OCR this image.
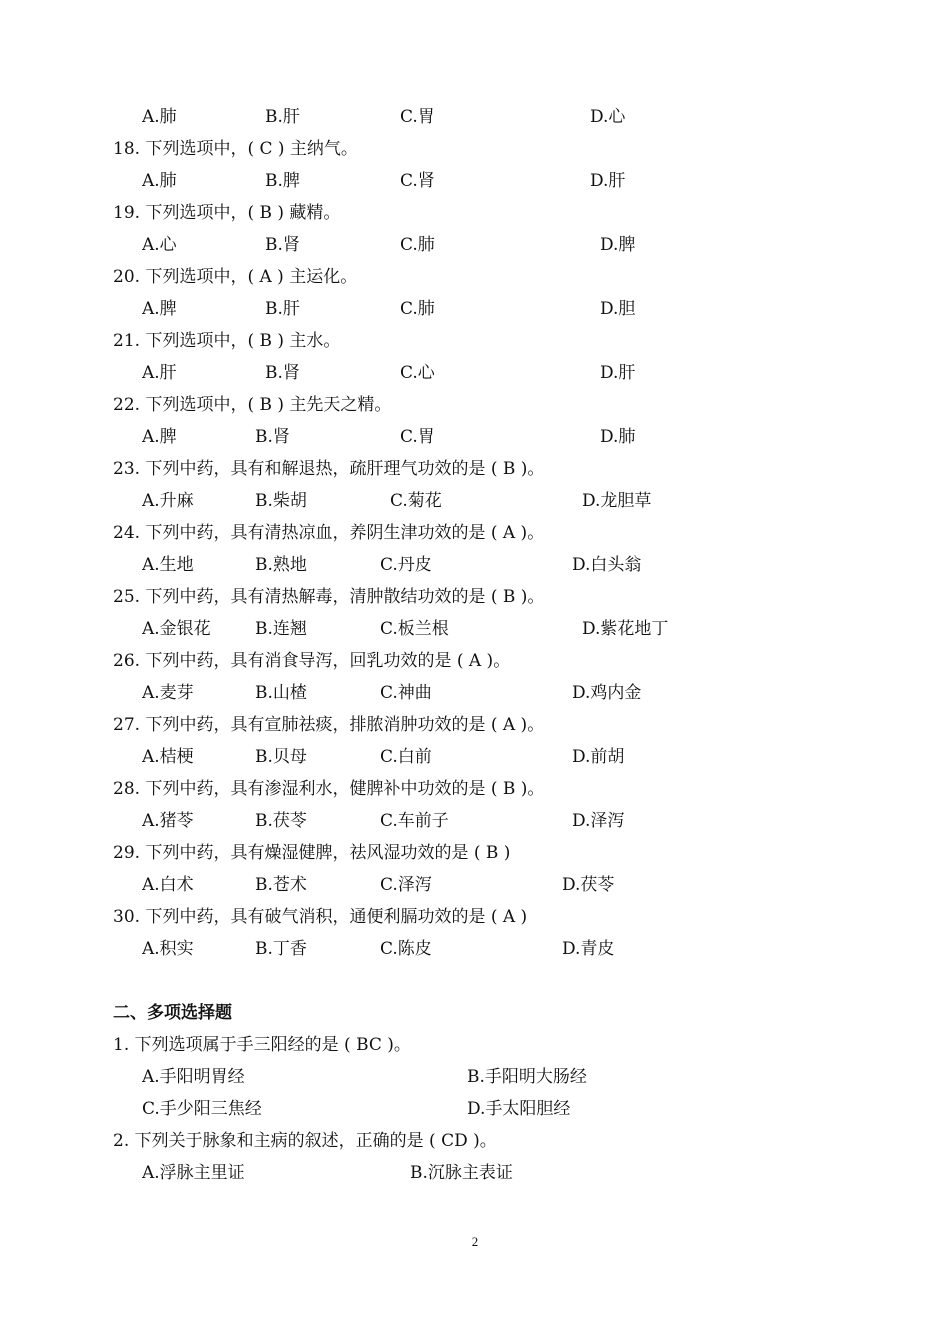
A.肺	B.肝	C.胃	D.心
18. 下列选项中，( C ) 主纳气。
A.肺	B.脾	C.肾	D.肝
19. 下列选项中，( B ) 藏精。
A.心	B.肾	C.肺	D.脾
20. 下列选项中，( A ) 主运化。
A.脾	B.肝	C.肺	D.胆
21. 下列选项中，( B ) 主水。
A.肝	B.肾	C.心	D.肝
22. 下列选项中，( B ) 主先天之精。
A.脾	B.肾	C.胃	D.肺
23. 下列中药，具有和解退热，疏肝理气功效的是 ( B )。
A.升麻	B.柴胡	C.菊花	D.龙胆草
24. 下列中药，具有清热凉血，养阴生津功效的是 ( A )。
A.生地	B.熟地	C.丹皮	D.白头翁
25. 下列中药，具有清热解毒，清肿散结功效的是 ( B )。
A.金银花	B.连翘	C.板兰根	D.紫花地丁
26. 下列中药，具有消食导泻，回乳功效的是 ( A )。
A.麦芽	B.山楂	C.神曲	D.鸡内金
27. 下列中药，具有宣肺祛痰，排脓消肿功效的是 ( A )。
A.桔梗	B.贝母	C.白前	D.前胡
28. 下列中药，具有渗湿利水，健脾补中功效的是 ( B )。
A.猪苓	B.茯苓	C.车前子	D.泽泻
29. 下列中药，具有燥湿健脾，祛风湿功效的是 ( B )
A.白术	B.苍术	C.泽泻	D.茯苓
30. 下列中药，具有破气消积，通便利膈功效的是 ( A )
A.积实	B.丁香	C.陈皮	D.青皮
二、多项选择题
1. 下列选项属于手三阳经的是 ( BC )。
A.手阳明胃经	B.手阳明大肠经
C.手少阳三焦经	D.手太阳胆经
2. 下列关于脉象和主病的叙述，正确的是 ( CD )。
A.浮脉主里证	B.沉脉主表证
2
